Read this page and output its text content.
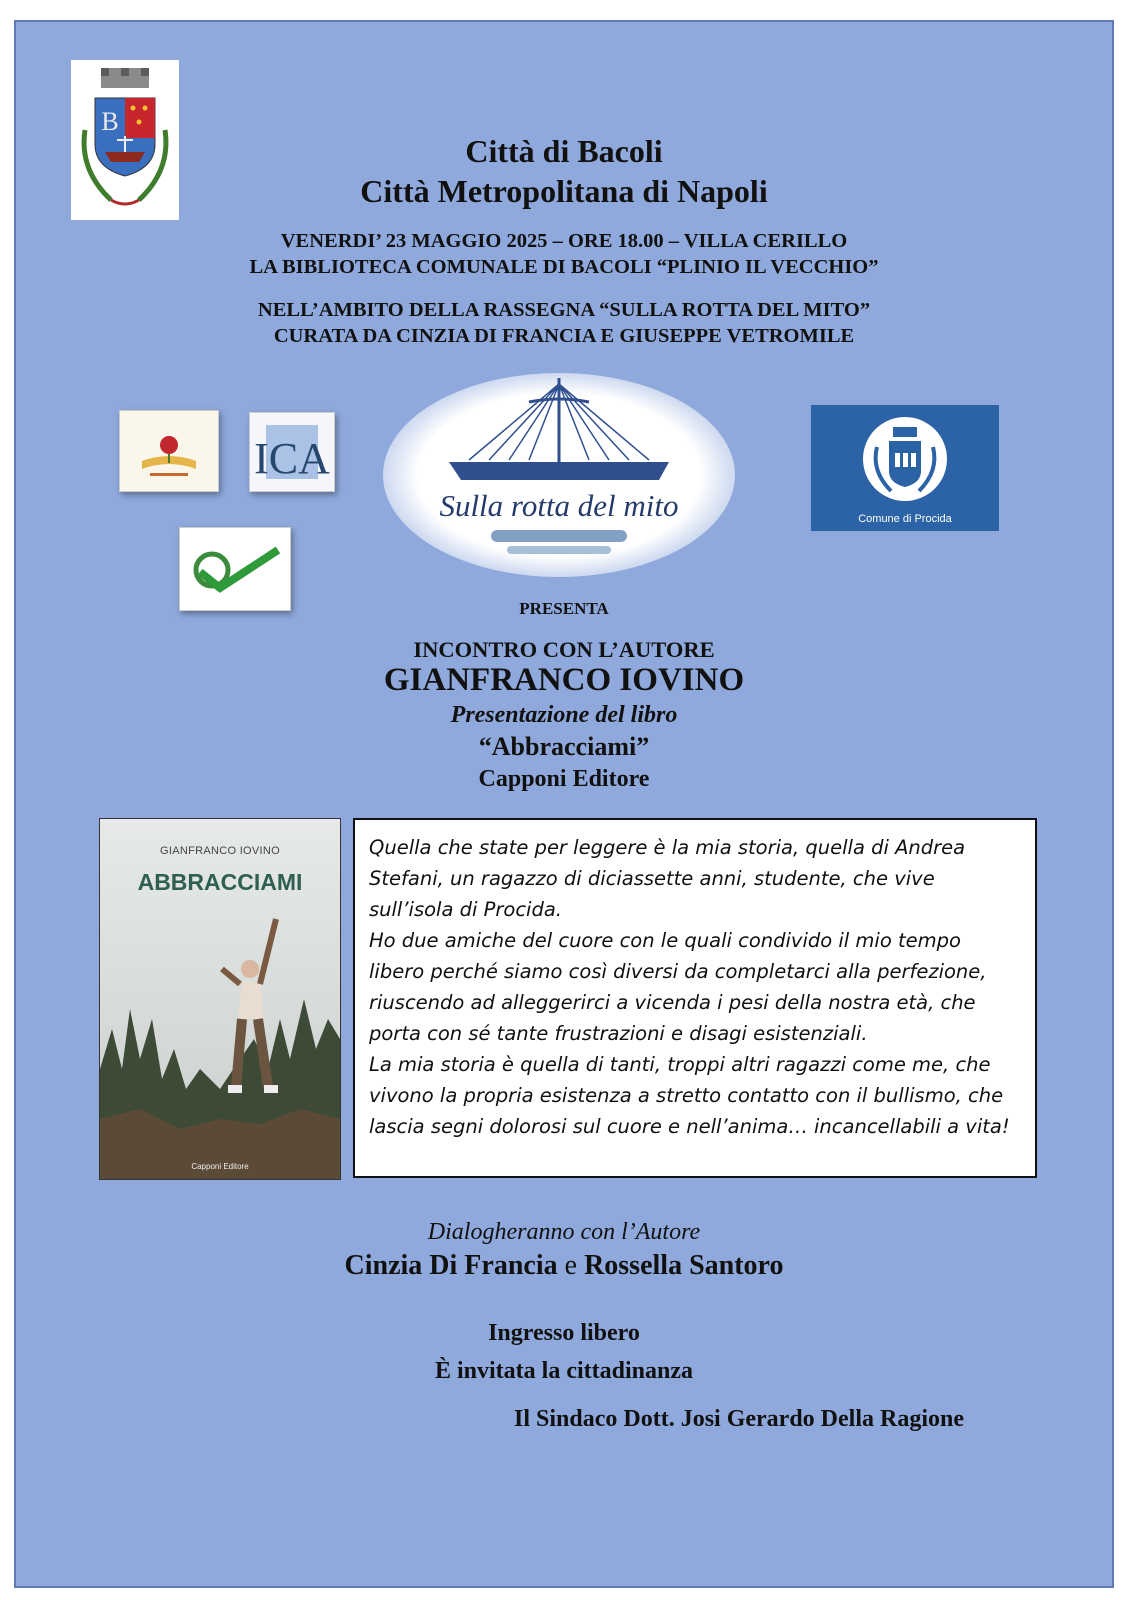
B
Città di Bacoli
Città Metropolitana di Napoli
VENERDI’ 23 MAGGIO 2025 – ORE 18.00 – VILLA CERILLO
LA BIBLIOTECA COMUNALE DI BACOLI “PLINIO IL VECCHIO”
NELL’AMBITO DELLA RASSEGNA “SULLA ROTTA DEL MITO”
CURATA DA CINZIA DI FRANCIA E GIUSEPPE VETROMILE
ICA
Sulla rotta del mito	Comune di Procida
PRESENTA
INCONTRO CON L’AUTORE
GIANFRANCO IOVINO
Presentazione del libro
“Abbracciami”
Capponi Editore
GIANFRANCO IOVINO
ABBRACCIAMI
Capponi Editore

Quella che state per leggere è la mia storia, quella di Andrea Stefani, un ragazzo di diciassette anni, studente, che vive sull’isola di Procida.

Ho due amiche del cuore con le quali condivido il mio tempo libero perché siamo così diversi da completarci alla perfezione, riuscendo ad alleggerirci a vicenda i pesi della nostra età, che porta con sé tante frustrazioni e disagi esistenziali.

La mia storia è quella di tanti, troppi altri ragazzi come me, che vivono la propria esistenza a stretto contatto con il bullismo, che lascia segni dolorosi sul cuore e nell’anima… incancellabili a vita!

Dialogheranno con l’Autore
Cinzia Di Francia e Rossella Santoro
Ingresso libero
È invitata la cittadinanza
Il Sindaco Dott. Josi Gerardo Della Ragione
